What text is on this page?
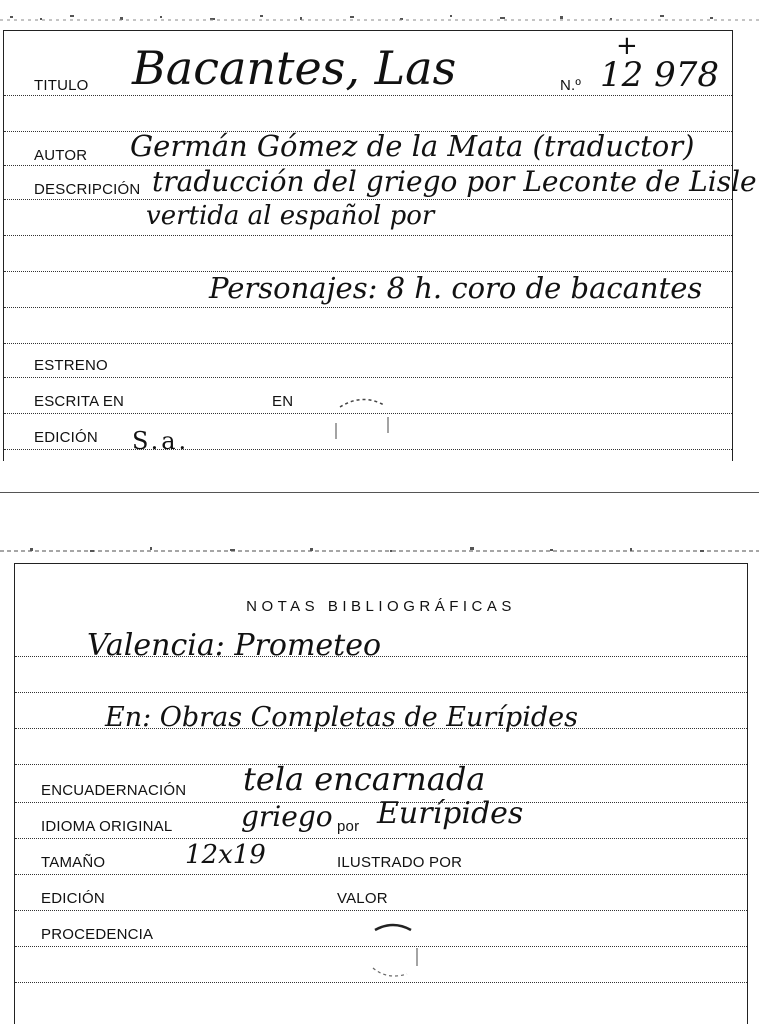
TITULO Bacantes, Las	N.º 12 978
+
AUTOR Germán Gómez de la Mata (traductor)
DESCRIPCIÓN traducción del griego por Leconte de Lisle
vertida al español por
Personajes: 8 h. coro de bacantes
ESTRENO
ESCRITA EN	EN
EDICIÓN S.a.
NOTAS BIBLIOGRÁFICAS
Valencia: Prometeo
En: Obras Completas de Eurípides
ENCUADERNACIÓN tela encarnada
IDIOMA ORIGINAL griego por Eurípides
TAMAÑO	12x19	ILUSTRADO POR
EDICIÓN	VALOR
PROCEDENCIA
